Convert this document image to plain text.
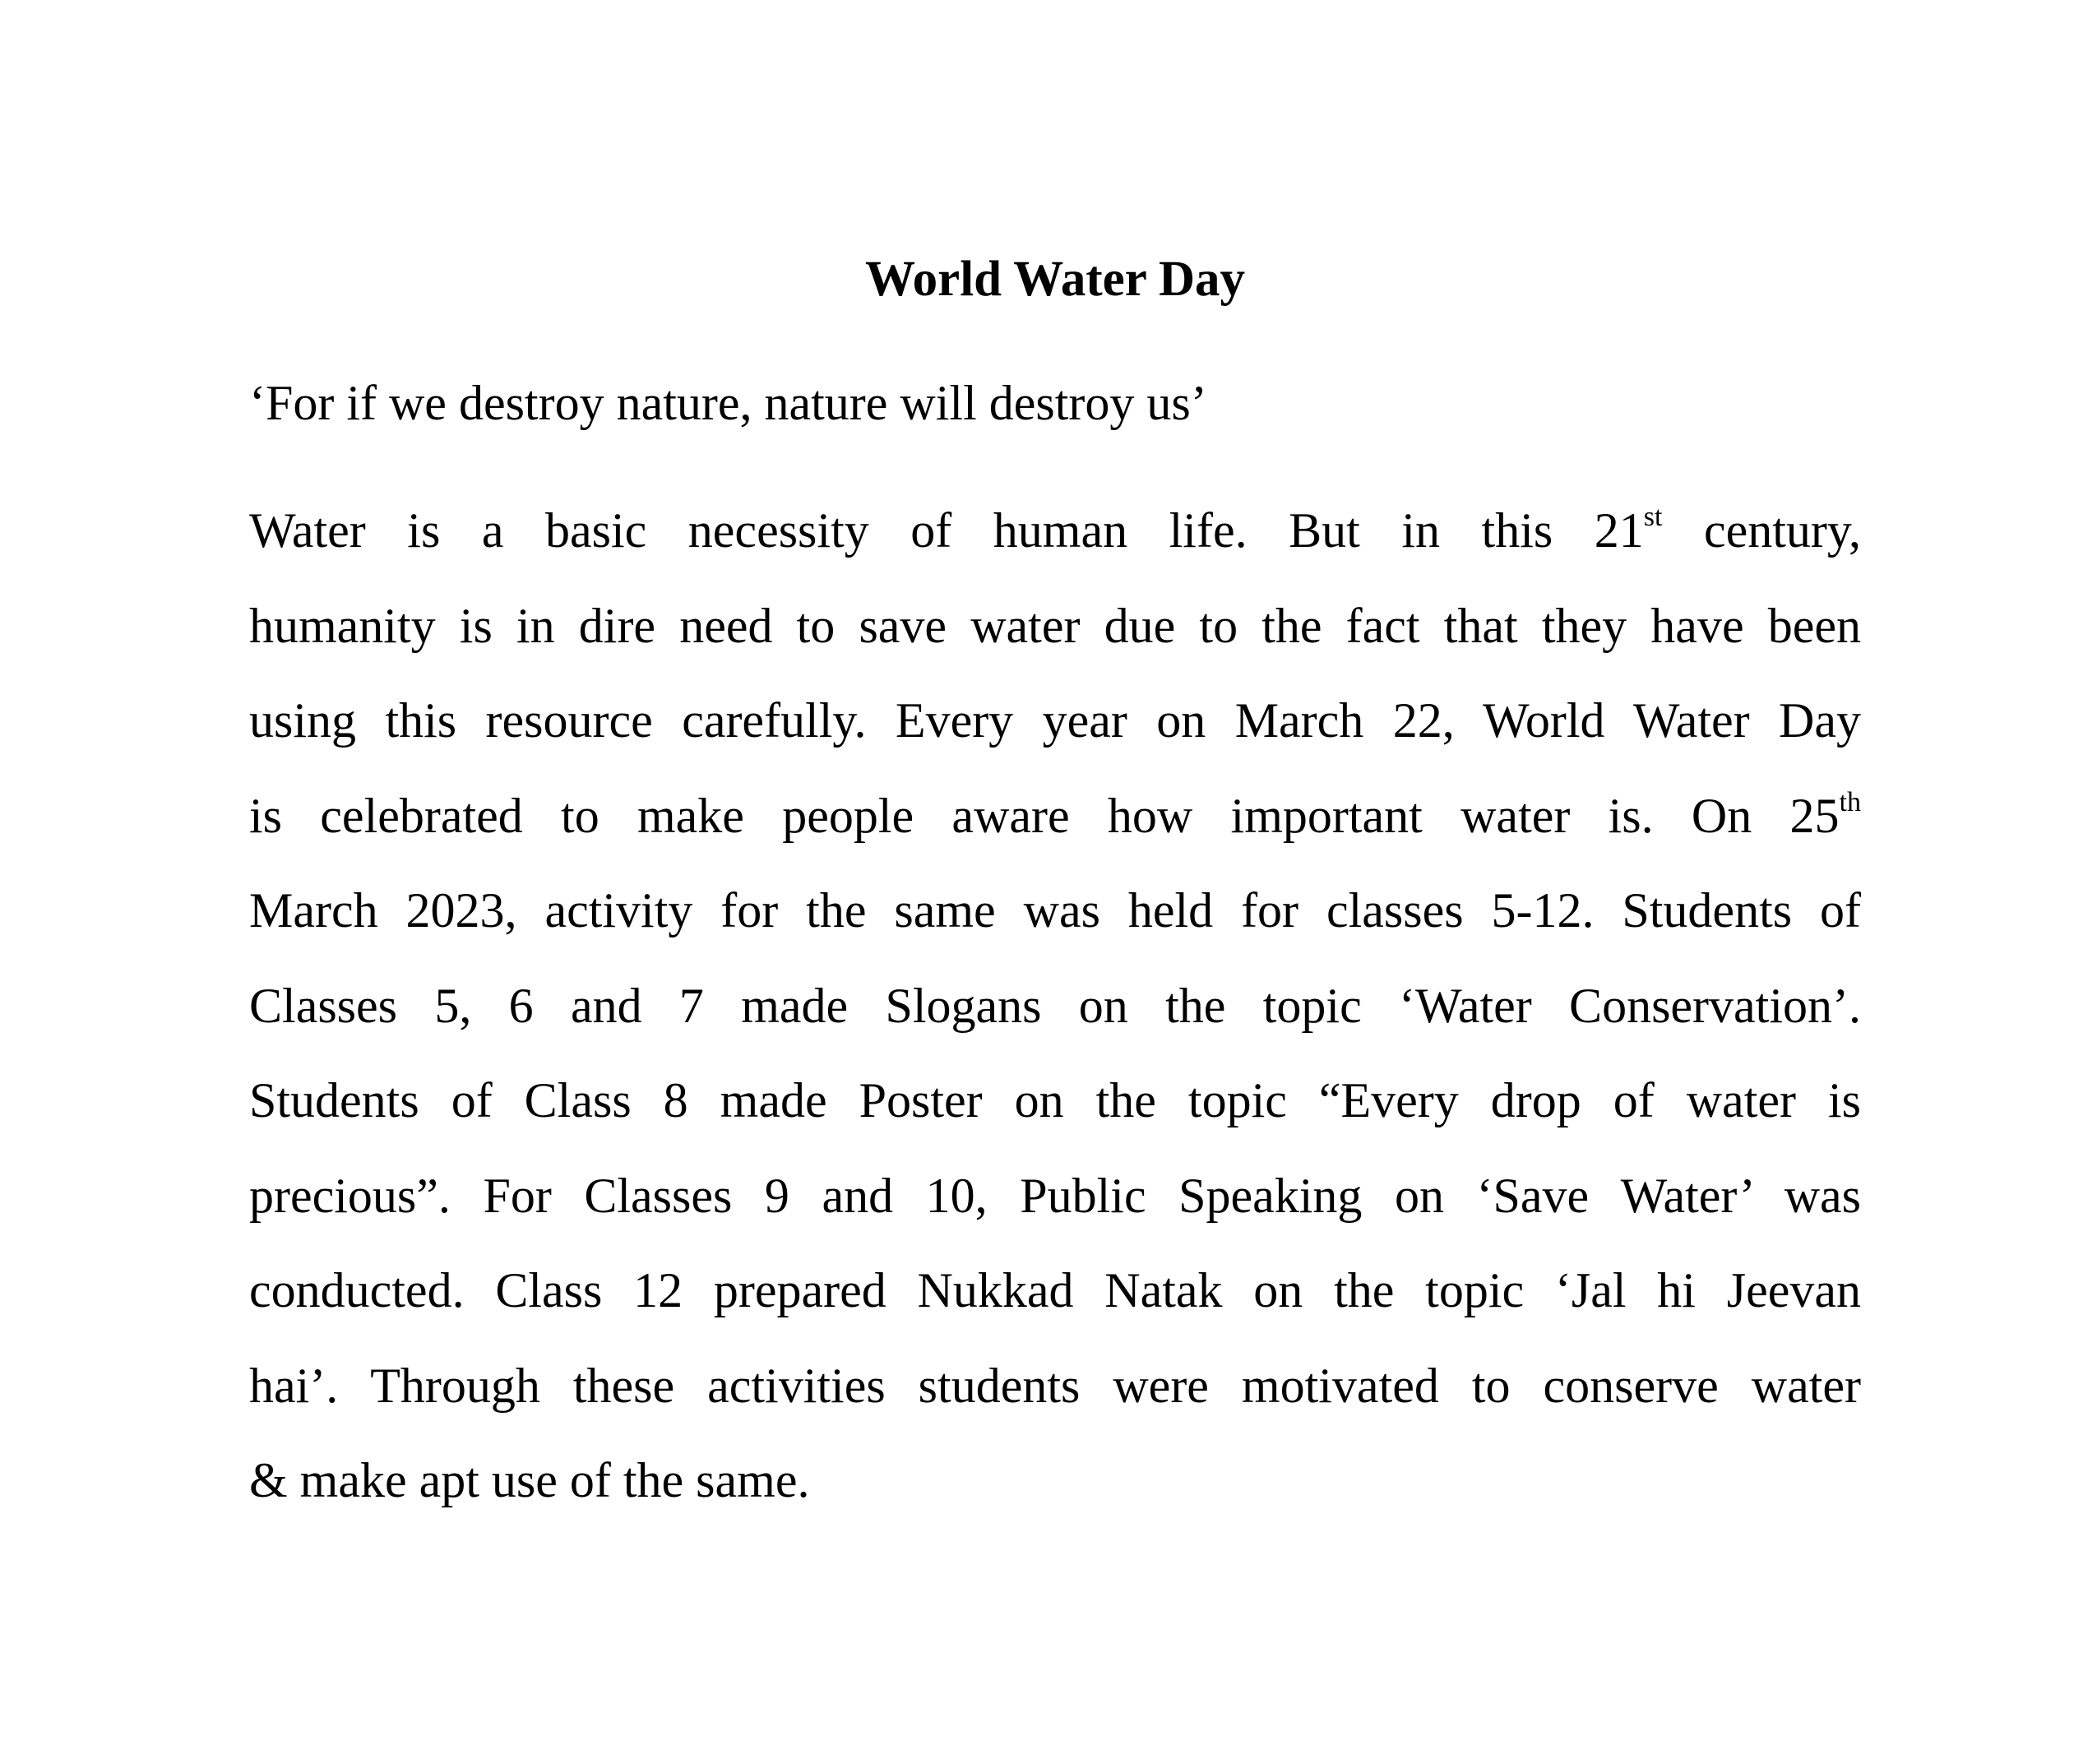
World Water Day

‘For if we destroy nature, nature will destroy us’

Water is a basic necessity of human life. But in this 21st century,
humanity is in dire need to save water due to the fact that they have been
using this resource carefully. Every year on March 22, World Water Day
is celebrated to make people aware how important water is. On 25th
March 2023, activity for the same was held for classes 5-12. Students of
Classes 5, 6 and 7 made Slogans on the topic ‘Water Conservation’.
Students of Class 8 made Poster on the topic “Every drop of water is
precious”. For Classes 9 and 10, Public Speaking on ‘Save Water’ was
conducted. Class 12 prepared Nukkad Natak on the topic ‘Jal hi Jeevan
hai’. Through these activities students were motivated to conserve water
& make apt use of the same.
